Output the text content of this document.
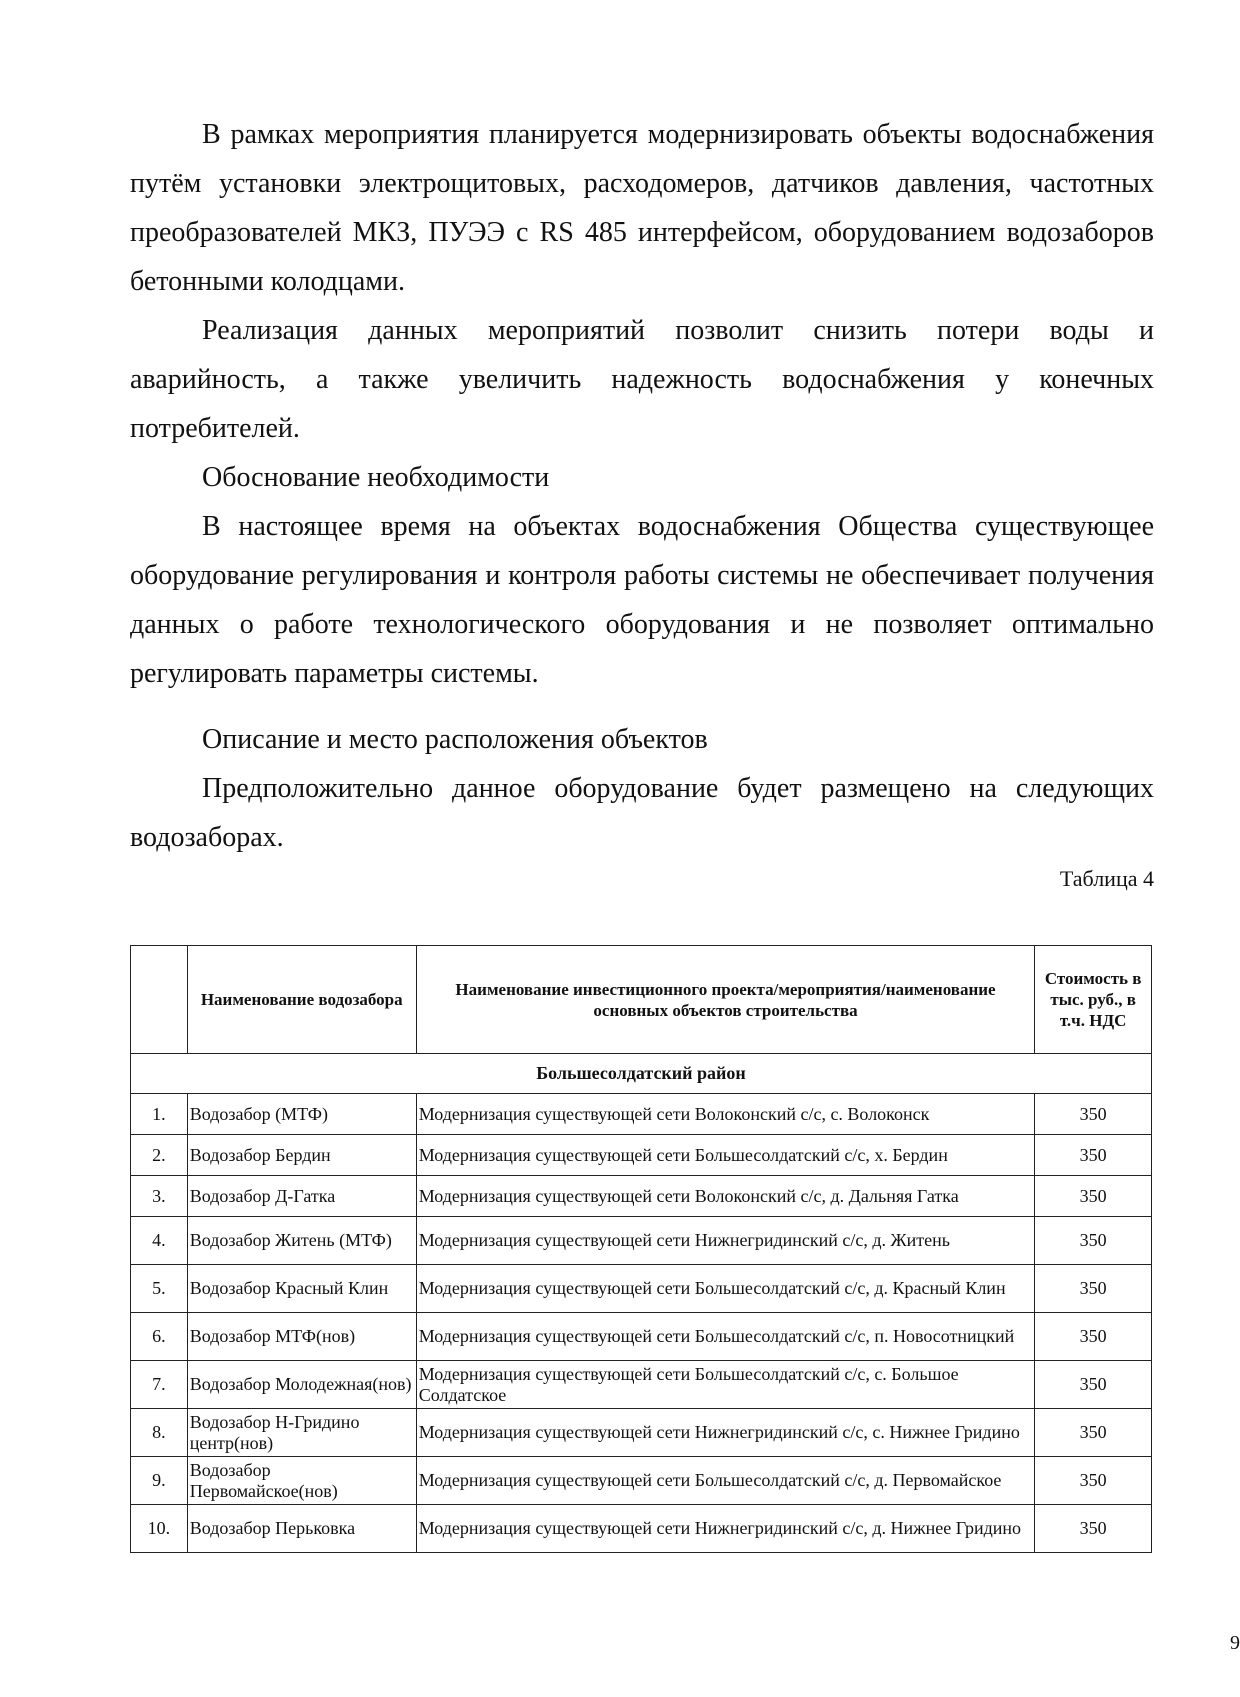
В рамках мероприятия планируется модернизировать объекты водоснабжения путём установки электрощитовых, расходомеров, датчиков давления, частотных преобразователей МКЗ, ПУЭЭ с RS 485 интерфейсом, оборудованием водозаборов бетонными колодцами.

Реализация данных мероприятий позволит снизить потери воды и аварийность, а также увеличить надежность водоснабжения у конечных потребителей.

Обоснование необходимости

В настоящее время на объектах водоснабжения Общества существующее оборудование регулирования и контроля работы системы не обеспечивает получения данных о работе технологического оборудования и не позволяет оптимально регулировать параметры системы.

Описание и место расположения объектов

Предположительно данное оборудование будет размещено на следующих водозаборах.

Таблица 4

	Наименование водозабора	Наименование инвестиционного проекта/мероприятия/наименование основных объектов строительства	Стоимость в тыс. руб., в т.ч. НДС
Большесолдатский район			
1.	Водозабор (МТФ)	Модернизация существующей сети Волоконский с/с, с. Волоконск	350
2.	Водозабор Бердин	Модернизация существующей сети Большесолдатский с/с, х. Бердин	350
3.	Водозабор Д-Гатка	Модернизация существующей сети Волоконский с/с, д. Дальняя Гатка	350
4.	Водозабор Житень (МТФ)	Модернизация существующей сети Нижнегридинский с/с, д. Житень	350
5.	Водозабор Красный Клин	Модернизация существующей сети Большесолдатский с/с, д. Красный Клин	350
6.	Водозабор МТФ(нов)	Модернизация существующей сети Большесолдатский с/с, п. Новосотницкий	350
7.	Водозабор Молодежная(нов)	Модернизация существующей сети Большесолдатский с/с, с. Большое Солдатское	350
8.	Водозабор Н-Гридино центр(нов)	Модернизация существующей сети Нижнегридинский с/с, с. Нижнее Гридино	350
9.	Водозабор Первомайское(нов)	Модернизация существующей сети Большесолдатский с/с, д. Первомайское	350
10.	Водозабор Перьковка	Модернизация существующей сети Нижнегридинский с/с, д. Нижнее Гридино	350
9
